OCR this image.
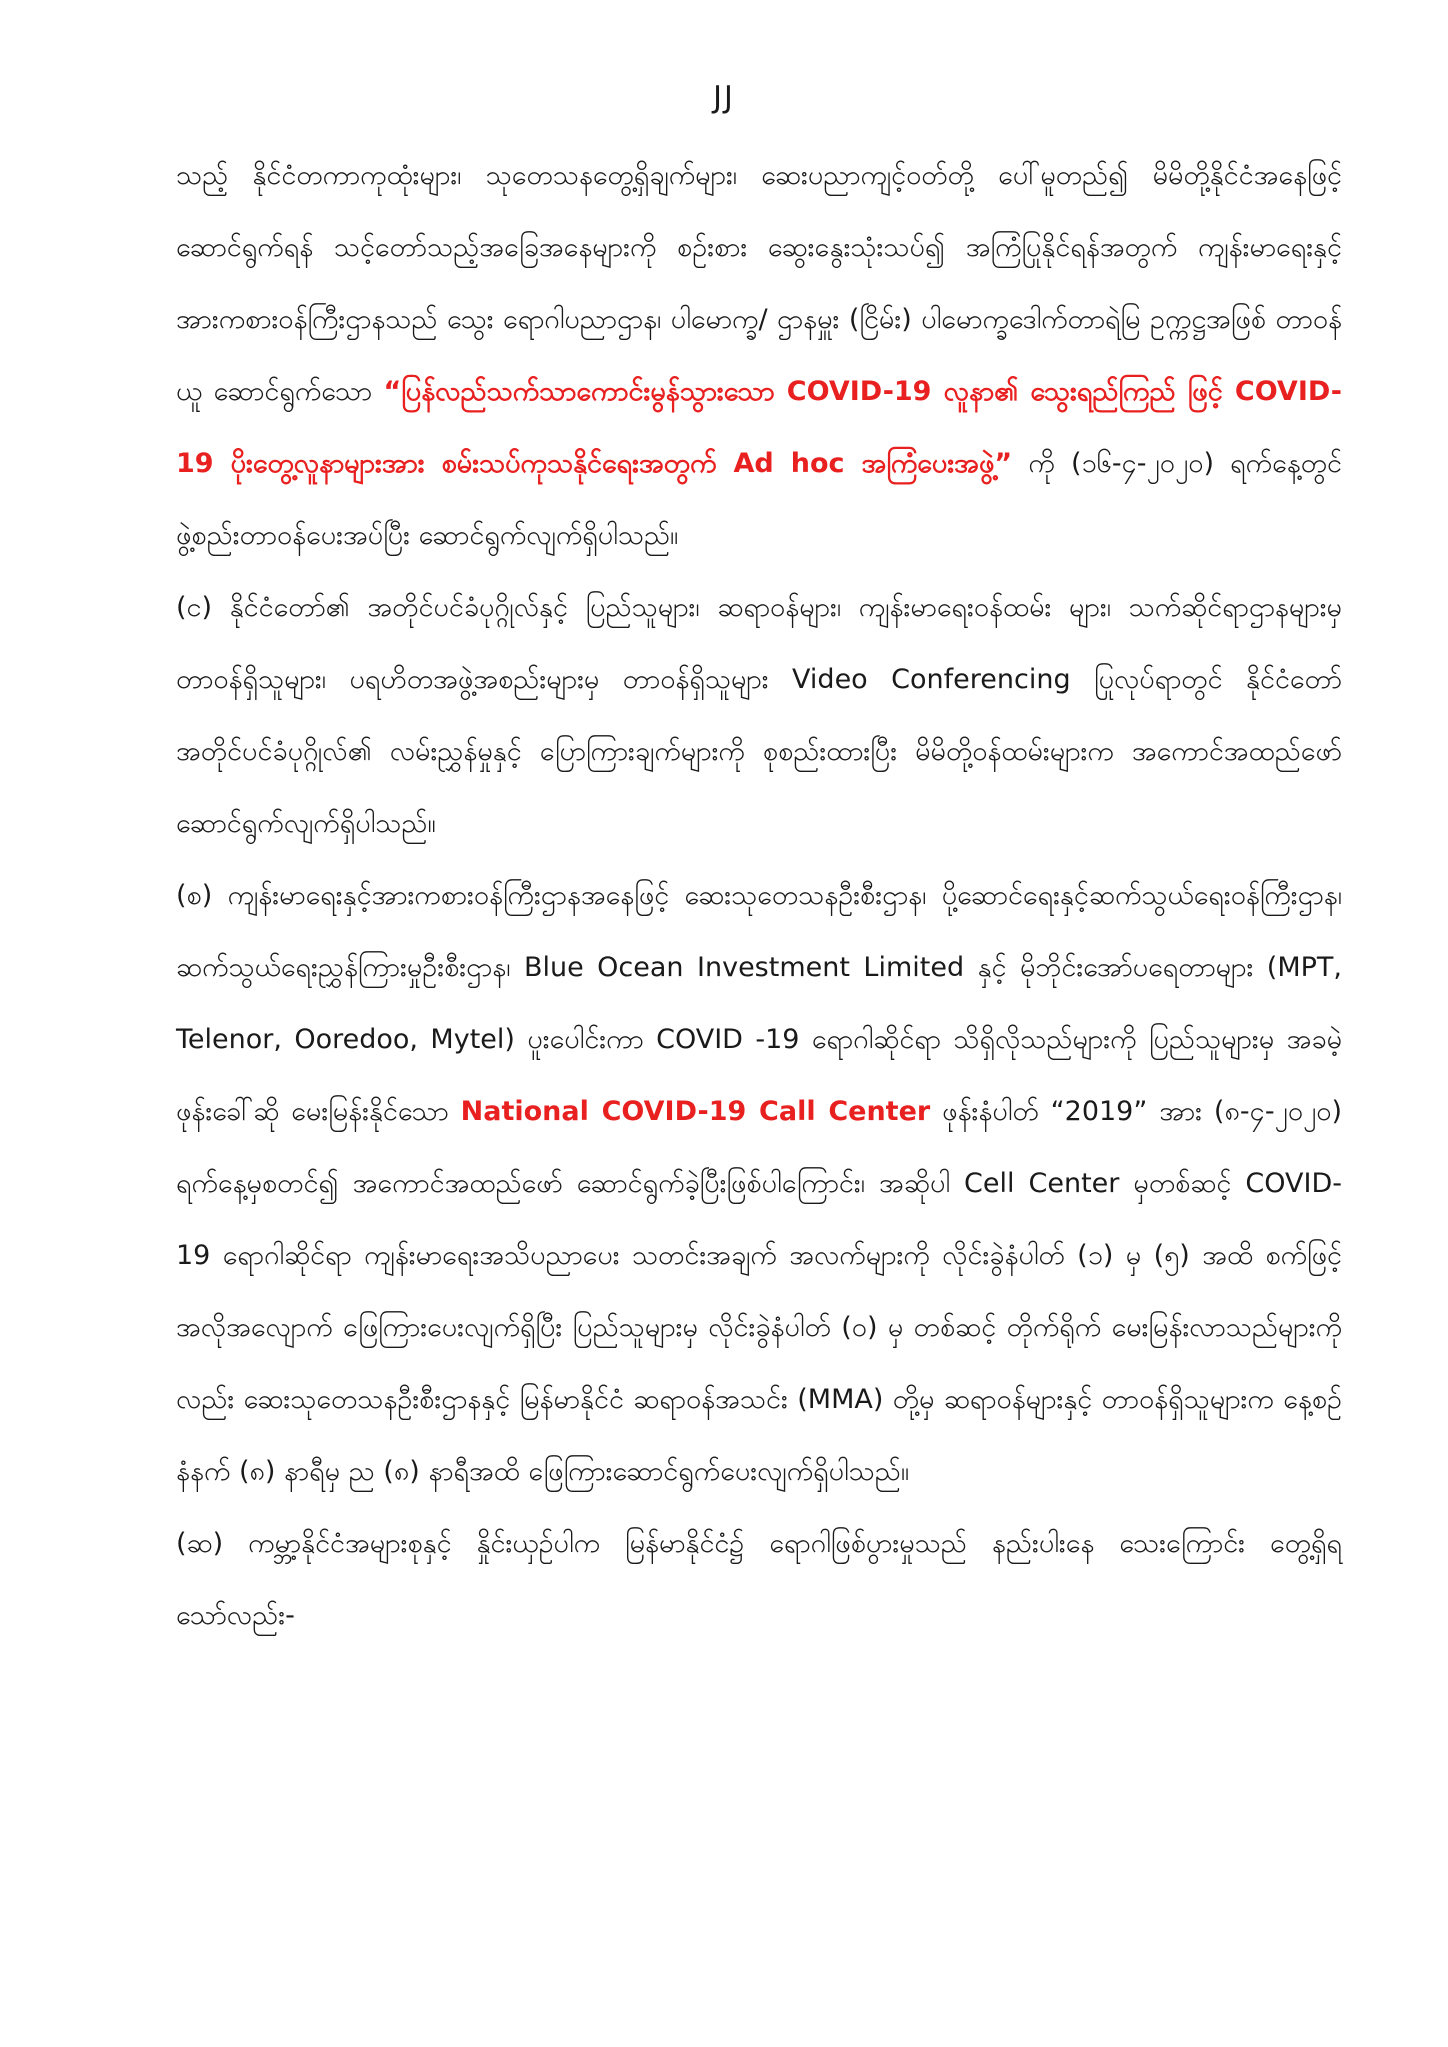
JJ

သည့် နိုင်ငံတကာကုထုံးများ၊ သုတေသနတွေ့ရှိချက်များ၊ ဆေးပညာကျင့်ဝတ်တို့ ပေါ်မူတည်၍ မိမိတို့နိုင်ငံအနေဖြင့် ဆောင်ရွက်ရန် သင့်တော်သည့်အခြေအနေများကို စဉ်းစား ဆွေးနွေးသုံးသပ်၍ အကြံပြုနိုင်ရန်အတွက် ကျန်းမာရေးနှင့်အားကစားဝန်ကြီးဌာနသည် သွေး ရောဂါပညာဌာန၊ ပါမောက္ခ/ ဌာနမှူး (ငြိမ်း) ပါမောက္ခဒေါက်တာရဲမြ ဥက္ကဋ္ဌအဖြစ် တာဝန်ယူ ဆောင်ရွက်သော “ပြန်လည်သက်သာကောင်းမွန်သွားသော COVID-19 လူနာ၏ သွေးရည်ကြည် ဖြင့် COVID-19 ပိုးတွေ့လူနာများအား စမ်းသပ်ကုသနိုင်ရေးအတွက် Ad hoc အကြံပေးအဖွဲ့” ကို (၁၆-၄-၂၀၂၀) ရက်နေ့တွင် ဖွဲ့စည်းတာဝန်ပေးအပ်ပြီး ဆောင်ရွက်လျက်ရှိပါသည်။

(င) နိုင်ငံတော်၏ အတိုင်ပင်ခံပုဂ္ဂိုလ်နှင့် ပြည်သူများ၊ ဆရာဝန်များ၊ ကျန်းမာရေးဝန်ထမ်း များ၊ သက်ဆိုင်ရာဌာနများမှ တာဝန်ရှိသူများ၊ ပရဟိတအဖွဲ့အစည်းများမှ တာဝန်ရှိသူများ Video Conferencing ပြုလုပ်ရာတွင် နိုင်ငံတော်အတိုင်ပင်ခံပုဂ္ဂိုလ်၏ လမ်းညွှန်မှုနှင့် ပြောကြားချက်များကို စုစည်းထားပြီး မိမိတို့ဝန်ထမ်းများက အကောင်အထည်ဖော် ဆောင်ရွက်လျက်ရှိပါသည်။

(စ) ကျန်းမာရေးနှင့်အားကစားဝန်ကြီးဌာနအနေဖြင့် ဆေးသုတေသနဦးစီးဌာန၊ ပို့ဆောင်ရေးနှင့်ဆက်သွယ်ရေးဝန်ကြီးဌာန၊ ဆက်သွယ်ရေးညွှန်ကြားမှုဦးစီးဌာန၊ Blue Ocean Investment Limited နှင့် မိုဘိုင်းအော်ပရေတာများ (MPT, Telenor, Ooredoo, Mytel) ပူးပေါင်းကာ COVID -19 ရောဂါဆိုင်ရာ သိရှိလိုသည်များကို ပြည်သူများမှ အခမဲ့ ဖုန်းခေါ်ဆို မေးမြန်းနိုင်သော National COVID-19 Call Center ဖုန်းနံပါတ် “2019” အား (၈-၄-၂၀၂၀) ရက်နေ့မှစတင်၍ အကောင်အထည်ဖော် ဆောင်ရွက်ခဲ့ပြီးဖြစ်ပါကြောင်း၊ အဆိုပါ Cell Center မှတစ်ဆင့် COVID- 19 ရောဂါဆိုင်ရာ ကျန်းမာရေးအသိပညာပေး သတင်းအချက် အလက်များကို လိုင်းခွဲနံပါတ် (၁) မှ (၅) အထိ စက်ဖြင့် အလိုအလျောက် ဖြေကြားပေးလျက်ရှိပြီး ပြည်သူများမှ လိုင်းခွဲနံပါတ် (၀) မှ တစ်ဆင့် တိုက်ရိုက် မေးမြန်းလာသည်များကိုလည်း ဆေးသုတေသနဦးစီးဌာနနှင့် မြန်မာနိုင်ငံ ဆရာဝန်အသင်း (MMA) တို့မှ ဆရာဝန်များနှင့် တာဝန်ရှိသူများက နေ့စဉ် နံနက် (၈) နာရီမှ ည (၈) နာရီအထိ ဖြေကြားဆောင်ရွက်ပေးလျက်ရှိပါသည်။

(ဆ) ကမ္ဘာ့နိုင်ငံအများစုနှင့် နှိုင်းယှဉ်ပါက မြန်မာနိုင်ငံ၌ ရောဂါဖြစ်ပွားမှုသည် နည်းပါးနေ သေးကြောင်း တွေ့ရှိရသော်လည်း-
